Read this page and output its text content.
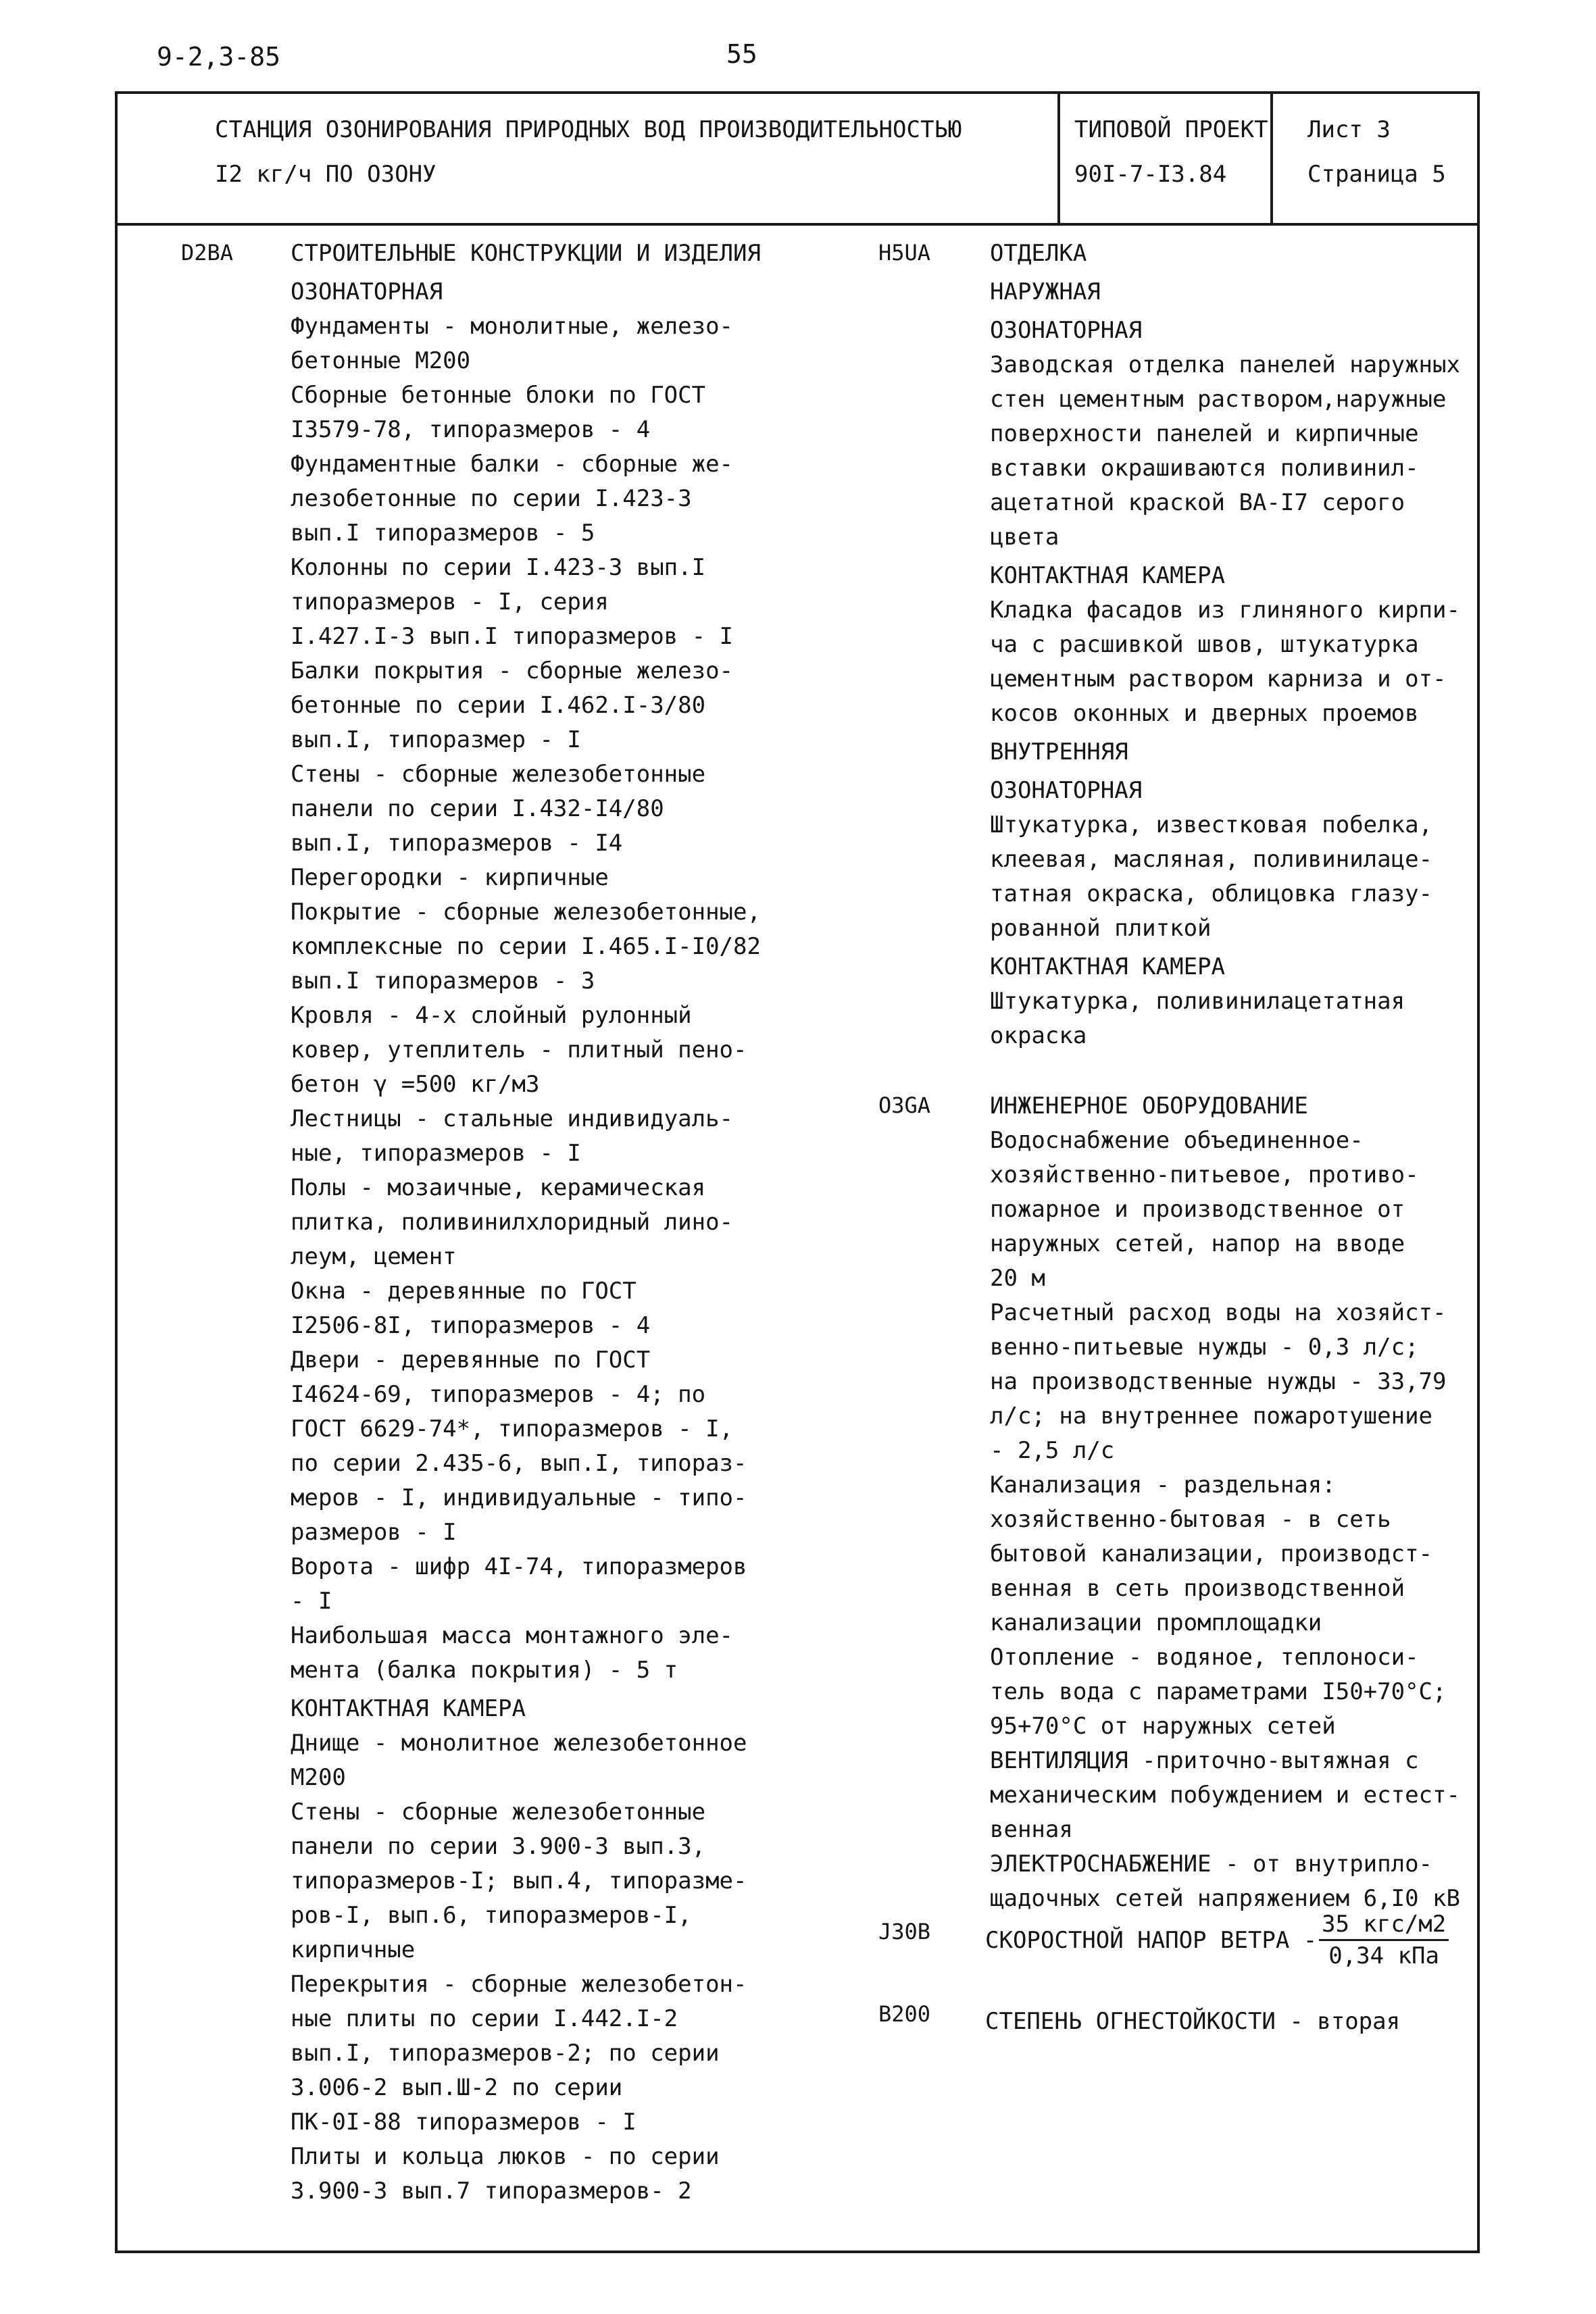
9-2,3-85	55
СТАНЦИЯ ОЗОНИРОВАНИЯ ПРИРОДНЫХ ВОД ПРОИЗВОДИТЕЛЬНОСТЬЮ
I2 кг/ч ПО ОЗОНУ
ТИПОВОЙ ПРОЕКТ
90I-7-I3.84
Лист 3
Страница 5
D2BA СТРОИТЕЛЬНЫЕ КОНСТРУКЦИИ И ИЗДЕЛИЯ
ОЗОНАТОРНАЯ
Фундаменты - монолитные, железо-
бетонные М200
Сборные бетонные блоки по ГОСТ
I3579-78, типоразмеров - 4
Фундаментные балки - сборные же-
лезобетонные по серии I.423-3
вып.I типоразмеров - 5
Колонны по серии I.423-3 вып.I
типоразмеров - I, серия
I.427.I-3 вып.I типоразмеров - I
Балки покрытия - сборные железо-
бетонные по серии I.462.I-3/80
вып.I, типоразмер - I
Стены - сборные железобетонные
панели по серии I.432-I4/80
вып.I, типоразмеров - I4
Перегородки - кирпичные
Покрытие - сборные железобетонные,
комплексные по серии I.465.I-I0/82
вып.I типоразмеров - 3
Кровля - 4-х слойный рулонный
ковер, утеплитель - плитный пено-
бетон γ =500 кг/м3
Лестницы - стальные индивидуаль-
ные, типоразмеров - I
Полы - мозаичные, керамическая
плитка, поливинилхлоридный лино-
леум, цемент
Окна - деревянные по ГОСТ
I2506-8I, типоразмеров - 4
Двери - деревянные по ГОСТ
I4624-69, типоразмеров - 4; по
ГОСТ 6629-74*, типоразмеров - I,
по серии 2.435-6, вып.I, типораз-
меров - I, индивидуальные - типо-
размеров - I
Ворота - шифр 4I-74, типоразмеров
- I
Наибольшая масса монтажного эле-
мента (балка покрытия) - 5 т
КОНТАКТНАЯ КАМЕРА
Днище - монолитное железобетонное
М200
Стены - сборные железобетонные
панели по серии 3.900-3 вып.3,
типоразмеров-I; вып.4, типоразме-
ров-I, вып.6, типоразмеров-I,
кирпичные
Перекрытия - сборные железобетон-
ные плиты по серии I.442.I-2
вып.I, типоразмеров-2; по серии
3.006-2 вып.Ш-2 по серии
ПК-0I-88 типоразмеров - I
Плиты и кольца люков - по серии
3.900-3 вып.7 типоразмеров- 2
H5UA	ОТДЕЛКА
НАРУЖНАЯ
ОЗОНАТОРНАЯ
Заводская отделка панелей наружных
стен цементным раствором,наружные
поверхности панелей и кирпичные
вставки окрашиваются поливинил-
ацетатной краской ВА-I7 серого
цвета
КОНТАКТНАЯ КАМЕРА
Кладка фасадов из глиняного кирпи-
ча с расшивкой швов, штукатурка
цементным раствором карниза и от-
косов оконных и дверных проемов
ВНУТРЕННЯЯ
ОЗОНАТОРНАЯ
Штукатурка, известковая побелка,
клеевая, масляная, поливинилаце-
татная окраска, облицовка глазу-
рованной плиткой
КОНТАКТНАЯ КАМЕРА
Штукатурка, поливинилацетатная
окраска
O3GA	ИНЖЕНЕРНОЕ ОБОРУДОВАНИЕ
Водоснабжение объединенное-
хозяйственно-питьевое, противо-
пожарное и производственное от
наружных сетей, напор на вводе
20 м
Расчетный расход воды на хозяйст-
венно-питьевые нужды - 0,3 л/с;
на производственные нужды - 33,79
л/с; на внутреннее пожаротушение
- 2,5 л/с
Канализация - раздельная:
хозяйственно-бытовая - в сеть
бытовой канализации, производст-
венная в сеть производственной
канализации промплощадки
Отопление - водяное, теплоноси-
тель вода с параметрами I50+70°С;
95+70°С от наружных сетей
ВЕНТИЛЯЦИЯ -приточно-вытяжная с
механическим побуждением и естест-
венная
ЭЛЕКТРОСНАБЖЕНИЕ - от внутрипло-
щадочных сетей напряжением 6,I0 кВ
J30B СКОРОСТНОЙ НАПОР ВЕТРА -
35 кгс/м2
0,34 кПа
B200 СТЕПЕНЬ ОГНЕСТОЙКОСТИ - вторая
